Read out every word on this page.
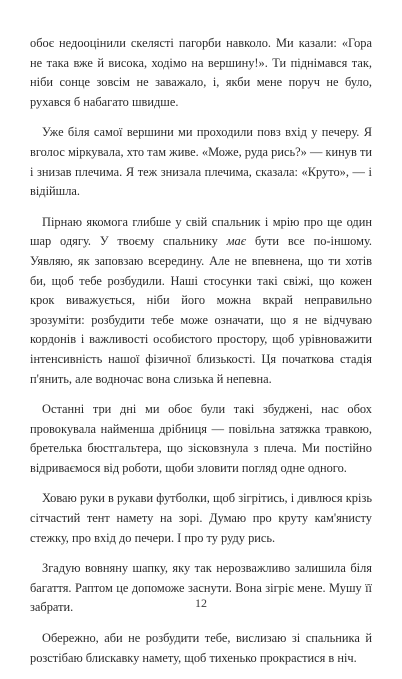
обоє недооцінили скелясті пагорби навколо. Ми казали: «Гора не така вже й висока, ходімо на вершину!». Ти піднімався так, ніби сонце зовсім не заважало, і, якби мене поруч не було, рухався б набагато швидше.

Уже біля самої вершини ми проходили повз вхід у печеру. Я вголос міркувала, хто там живе. «Може, руда рись?» — кинув ти і знизав плечима. Я теж знизала плечима, сказала: «Круто», — і відійшла.

Пірнаю якомога глибше у свій спальник і мрію про ще один шар одягу. У твоєму спальнику має бути все по-іншому. Уявляю, як заповзаю всередину. Але не впевнена, що ти хотів би, щоб тебе розбудили. Наші стосунки такі свіжі, що кожен крок виважується, ніби його можна вкрай неправильно зрозуміти: розбудити тебе може означати, що я не відчуваю кордонів і важливості особистого простору, щоб урівноважити інтенсивність нашої фізичної близькості. Ця початкова стадія п'янить, але водночас вона слизька й непевна.

Останні три дні ми обоє були такі збуджені, нас обох провокувала найменша дрібниця — повільна затяжка травкою, бретелька бюстгальтера, що зісковзнула з плеча. Ми постійно відриваємося від роботи, щоби зловити погляд одне одного.

Ховаю руки в рукави футболки, щоб зігрітись, і дивлюся крізь сітчастий тент намету на зорі. Думаю про круту кам'янисту стежку, про вхід до печери. І про ту руду рись.

Згадую вовняну шапку, яку так нерозважливо залишила біля багаття. Раптом це допоможе заснути. Вона зігріє мене. Мушу її забрати.

Обережно, аби не розбудити тебе, вислизаю зі спальника й розстібаю блискавку намету, щоб тихенько прокрастися в ніч.

12
